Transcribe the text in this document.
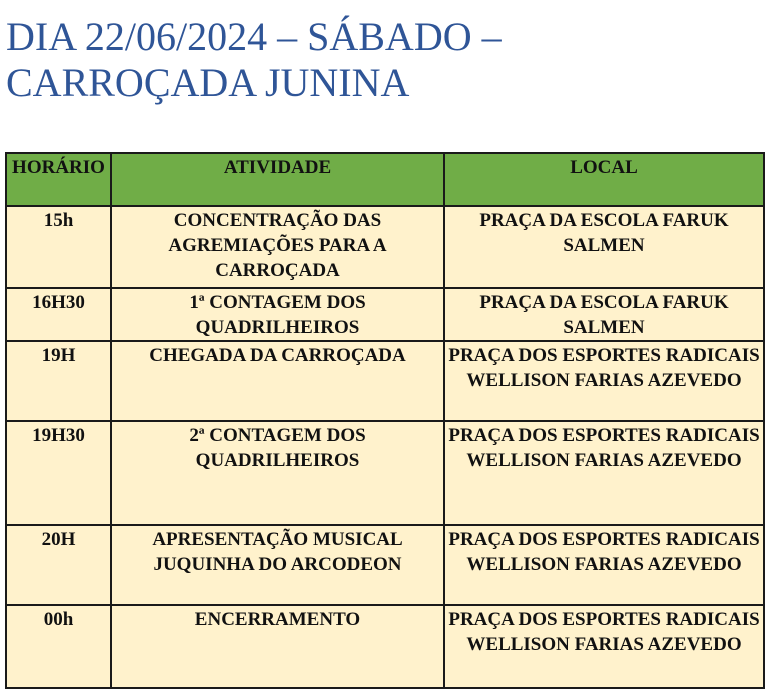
DIA 22/06/2024 – SÁBADO –
CARROÇADA JUNINA
HORÁRIO	ATIVIDADE	LOCAL
15h	CONCENTRAÇÃO DAS AGREMIAÇÕES PARA A CARROÇADA	PRAÇA DA ESCOLA FARUK SALMEN
16H30	1ª CONTAGEM DOS QUADRILHEIROS	PRAÇA DA ESCOLA FARUK SALMEN
19H	CHEGADA DA CARROÇADA	PRAÇA DOS ESPORTES RADICAIS WELLISON FARIAS AZEVEDO
19H30	2ª CONTAGEM DOS QUADRILHEIROS	PRAÇA DOS ESPORTES RADICAIS WELLISON FARIAS AZEVEDO
20H	APRESENTAÇÃO MUSICAL JUQUINHA DO ARCODEON	PRAÇA DOS ESPORTES RADICAIS WELLISON FARIAS AZEVEDO
00h	ENCERRAMENTO	PRAÇA DOS ESPORTES RADICAIS WELLISON FARIAS AZEVEDO
